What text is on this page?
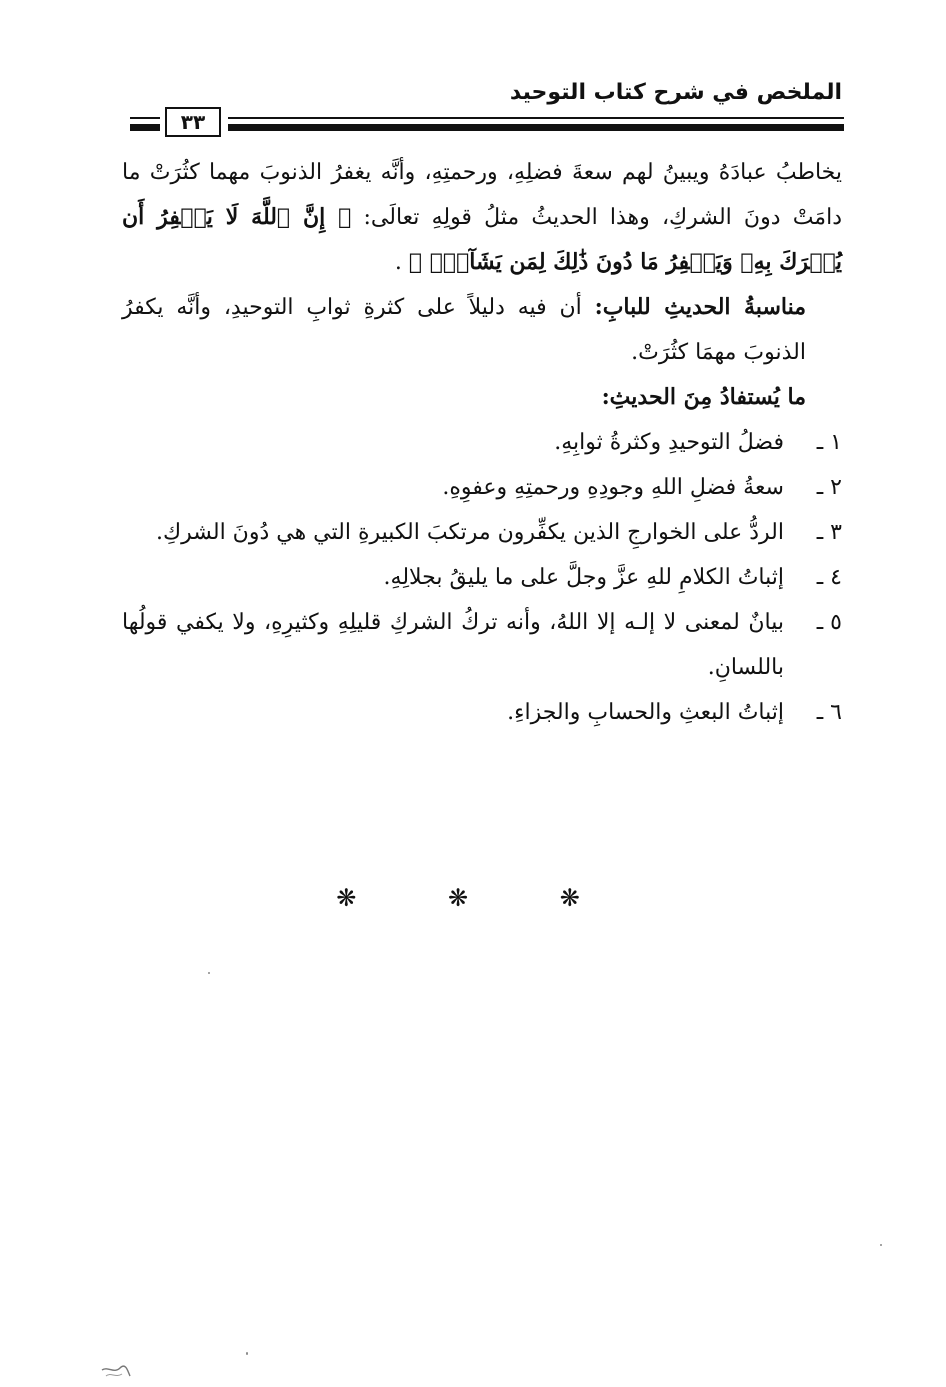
الملخص في شرح كتاب التوحيد
٣٣

يخاطبُ عبادَهُ ويبينُ لهم سعةَ فضلِهِ، ورحمتِهِ، وأنَّه يغفرُ الذنوبَ مهما كثُرَتْ ما دامَتْ دونَ الشركِ، وهذا الحديثُ مثلُ قولِهِ تعالَى: ﴿ إِنَّ ٱللَّهَ لَا يَغۡفِرُ أَن يُشۡرَكَ بِهِۦ وَيَغۡفِرُ مَا دُونَ ذَٰلِكَ لِمَن يَشَآءُۚ ﴾ .

مناسبةُ الحديثِ للبابِ: أن فيه دليلاً على كثرةِ ثوابِ التوحيدِ، وأنَّه يكفرُ الذنوبَ مهمَا كثُرَتْ.

ما يُستفادُ مِنَ الحديثِ:

١ ـ
فضلُ التوحيدِ وكثرةُ ثوابِهِ.
٢ ـ
سعةُ فضلِ اللهِ وجودِهِ ورحمتِهِ وعفوِهِ.
٣ ـ
الردُّ على الخوارجِ الذين يكفِّرون مرتكبَ الكبيرةِ التي هي دُونَ الشركِ.
٤ ـ
إثباتُ الكلامِ للهِ عزَّ وجلَّ على ما يليقُ بجلالِهِ.
٥ ـ
بيانٌ لمعنى لا إلـه إلا اللهُ، وأنه تركُ الشركِ قليلِهِ وكثيرِهِ، ولا يكفي قولُها باللسانِ.
٦ ـ
إثباتُ البعثِ والحسابِ والجزاءِ.
❋	❋	❋
